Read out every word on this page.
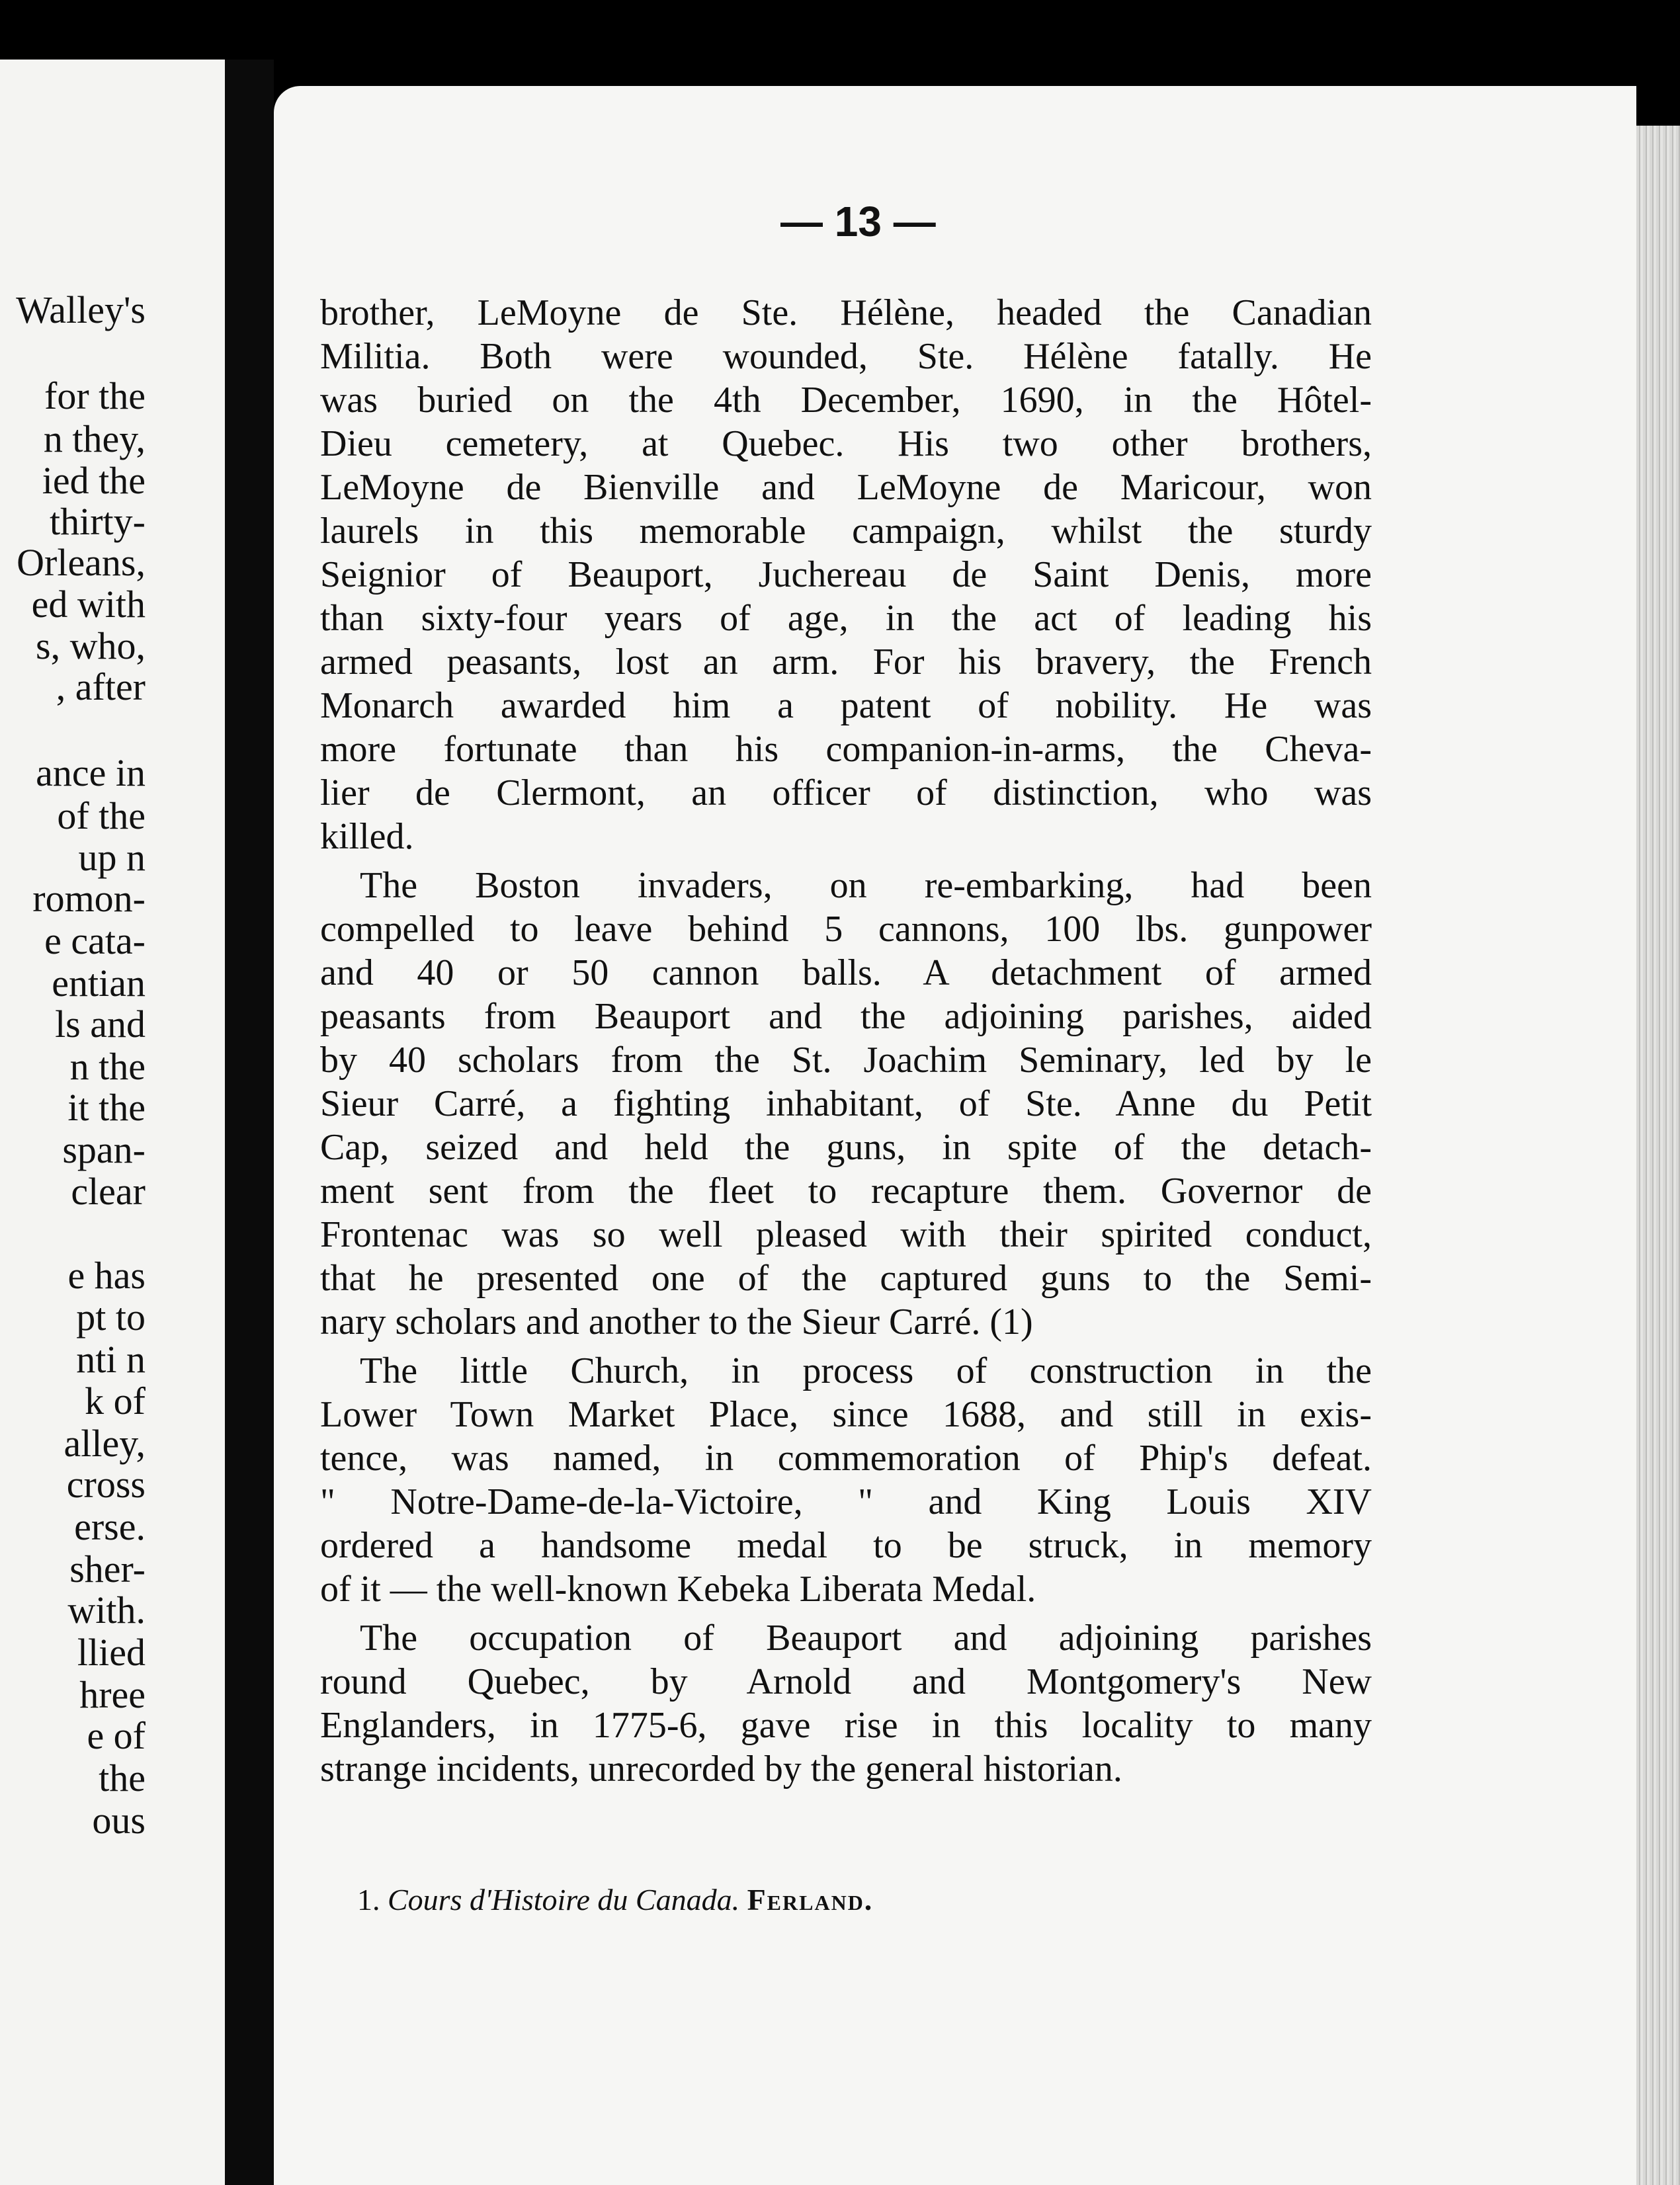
Walley's
for the
n they,
ied the
thirty-
Orleans,
ed with
s, who,
, after
ance in
of the
up n
romon-
e cata-
entian
ls and
n the
it the
span-
clear
e has
pt to
nti n
k of
alley,
cross
erse.
sher-
with.
llied
hree
e of
the
ous
— 13 —
brother, LeMoyne de Ste. Hélène, headed the Canadian
Militia. Both were wounded, Ste. Hélène fatally. He
was buried on the 4th December, 1690, in the Hôtel-
Dieu cemetery, at Quebec. His two other brothers,
LeMoyne de Bienville and LeMoyne de Maricour, won
laurels in this memorable campaign, whilst the sturdy
Seignior of Beauport, Juchereau de Saint Denis, more
than sixty-four years of age, in the act of leading his
armed peasants, lost an arm. For his bravery, the French
Monarch awarded him a patent of nobility. He was
more fortunate than his companion-in-arms, the Cheva-
lier de Clermont, an officer of distinction, who was
killed.
The Boston invaders, on re-embarking, had been
compelled to leave behind 5 cannons, 100 lbs. gunpower
and 40 or 50 cannon balls. A detachment of armed
peasants from Beauport and the adjoining parishes, aided
by 40 scholars from the St. Joachim Seminary, led by le
Sieur Carré, a fighting inhabitant, of Ste. Anne du Petit
Cap, seized and held the guns, in spite of the detach-
ment sent from the fleet to recapture them. Governor de
Frontenac was so well pleased with their spirited conduct,
that he presented one of the captured guns to the Semi-
nary scholars and another to the Sieur Carré. (1)
The little Church, in process of construction in the
Lower Town Market Place, since 1688, and still in exis-
tence, was named, in commemoration of Phip's defeat.
" Notre-Dame-de-la-Victoire, " and King Louis XIV
ordered a handsome medal to be struck, in memory
of it — the well-known Kebeka Liberata Medal.
The occupation of Beauport and adjoining parishes
round Quebec, by Arnold and Montgomery's New
Englanders, in 1775-6, gave rise in this locality to many
strange incidents, unrecorded by the general historian.
1. Cours d'Histoire du Canada. Ferland.
